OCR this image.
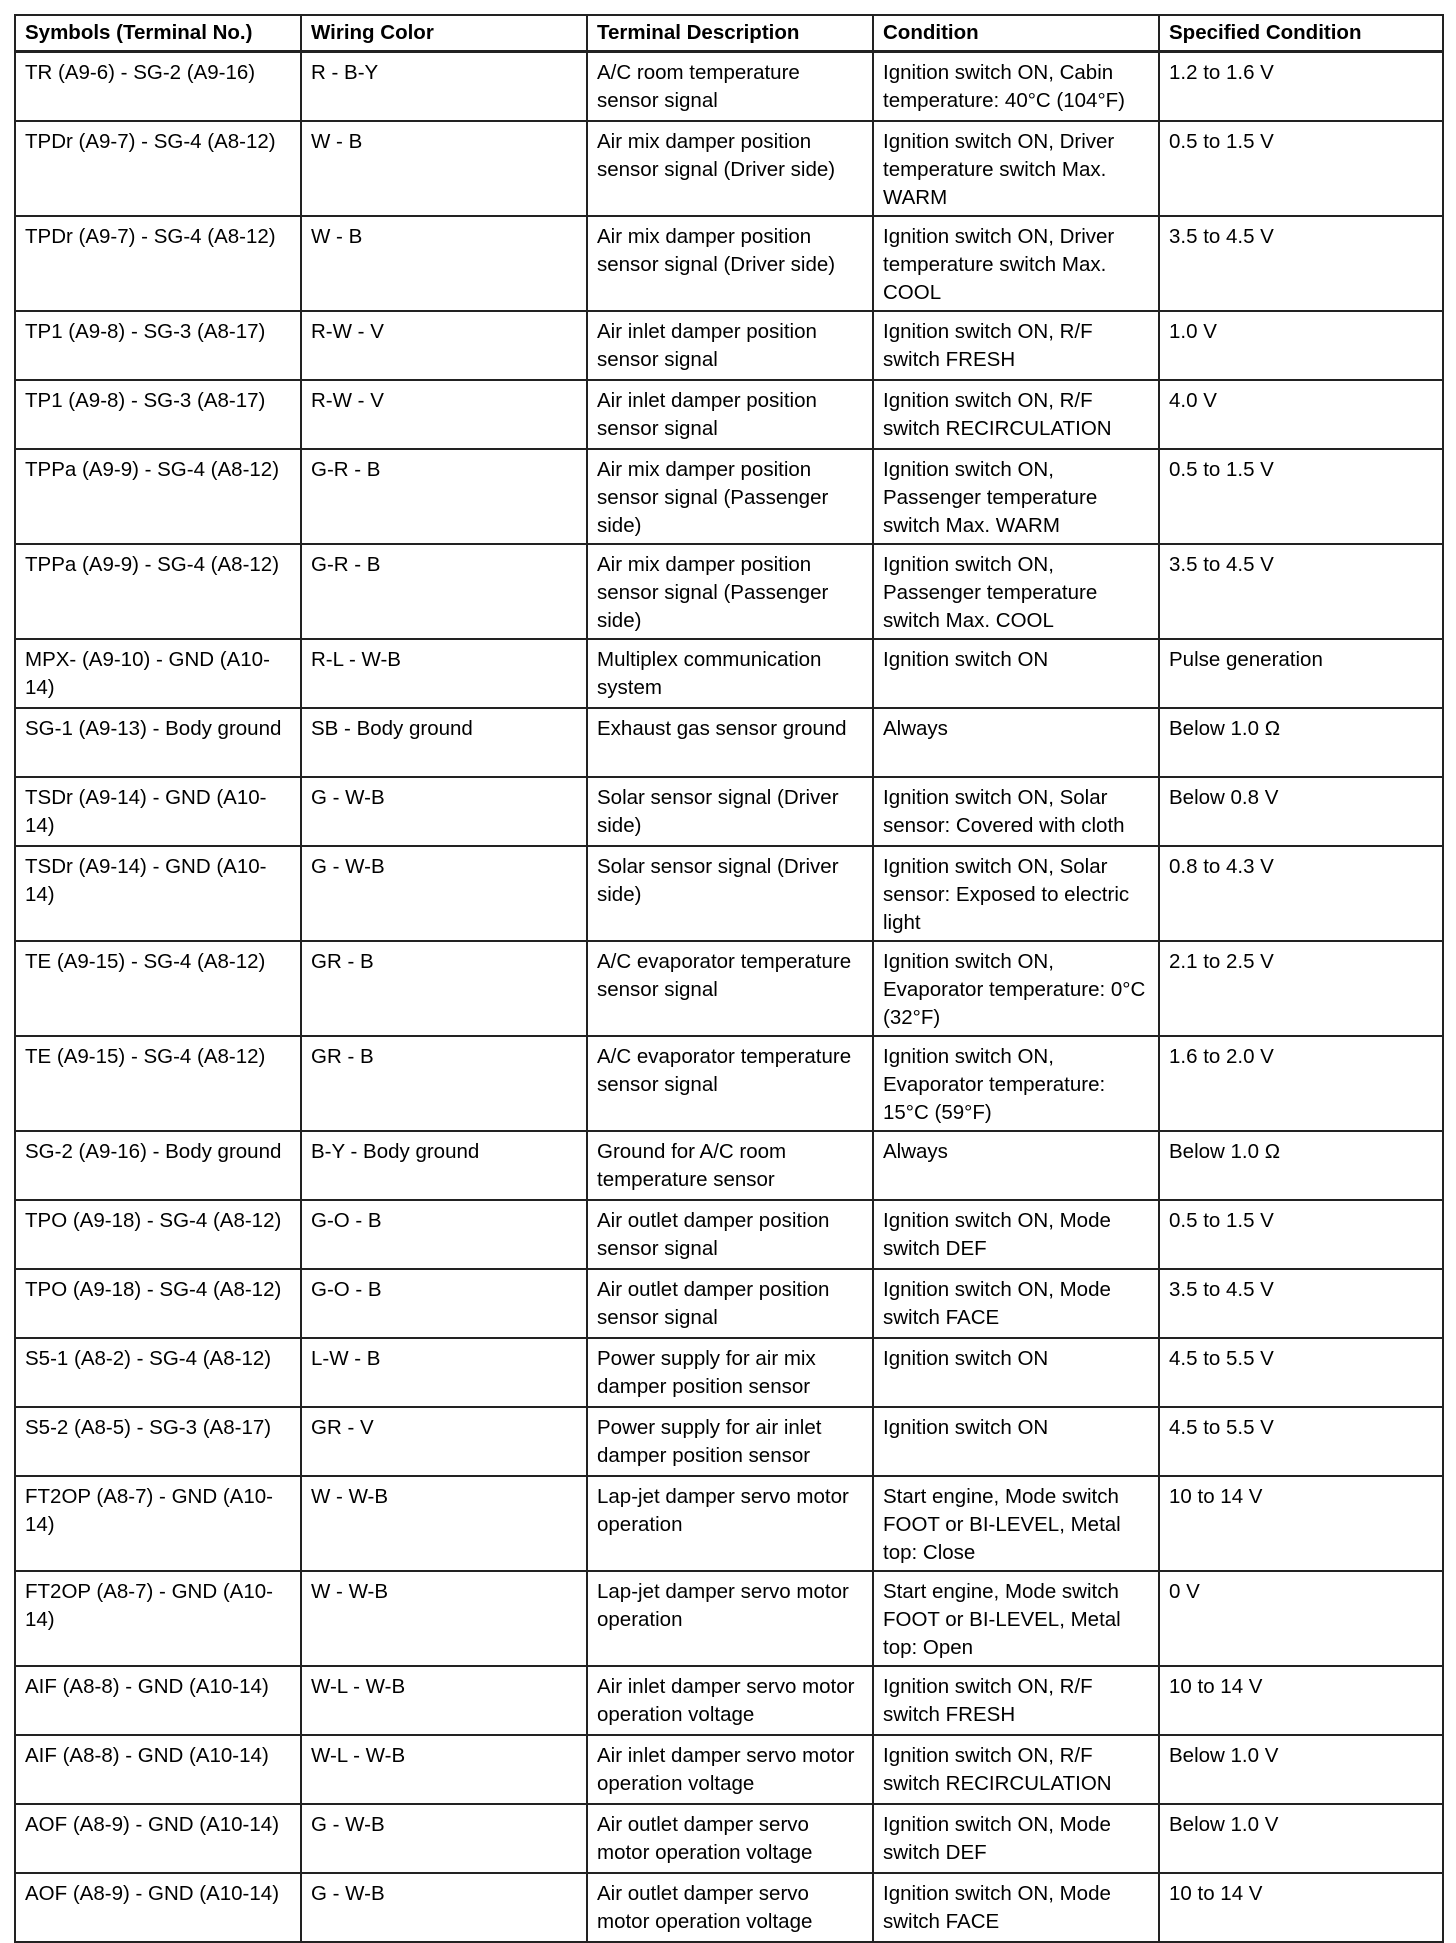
Symbols (Terminal No.)	Wiring Color	Terminal Description	Condition	Specified Condition
TR (A9-6) - SG-2 (A9-16)	R - B-Y	A/C room temperature sensor signal	Ignition switch ON, Cabin temperature: 40°C (104°F)	1.2 to 1.6 V
TPDr (A9-7) - SG-4 (A8-12)	W - B	Air mix damper position sensor signal (Driver side)	Ignition switch ON, Driver temperature switch Max. WARM	0.5 to 1.5 V
TPDr (A9-7) - SG-4 (A8-12)	W - B	Air mix damper position sensor signal (Driver side)	Ignition switch ON, Driver temperature switch Max. COOL	3.5 to 4.5 V
TP1 (A9-8) - SG-3 (A8-17)	R-W - V	Air inlet damper position sensor signal	Ignition switch ON, R/F switch FRESH	1.0 V
TP1 (A9-8) - SG-3 (A8-17)	R-W - V	Air inlet damper position sensor signal	Ignition switch ON, R/F switch RECIRCULATION	4.0 V
TPPa (A9-9) - SG-4 (A8-12)	G-R - B	Air mix damper position sensor signal (Passenger side)	Ignition switch ON, Passenger temperature switch Max. WARM	0.5 to 1.5 V
TPPa (A9-9) - SG-4 (A8-12)	G-R - B	Air mix damper position sensor signal (Passenger side)	Ignition switch ON, Passenger temperature switch Max. COOL	3.5 to 4.5 V
MPX- (A9-10) - GND (A10-14)	R-L - W-B	Multiplex communication system	Ignition switch ON	Pulse generation
SG-1 (A9-13) - Body ground	SB - Body ground	Exhaust gas sensor ground	Always	Below 1.0 Ω
TSDr (A9-14) - GND (A10-14)	G - W-B	Solar sensor signal (Driver side)	Ignition switch ON, Solar sensor: Covered with cloth	Below 0.8 V
TSDr (A9-14) - GND (A10-14)	G - W-B	Solar sensor signal (Driver side)	Ignition switch ON, Solar sensor: Exposed to electric light	0.8 to 4.3 V
TE (A9-15) - SG-4 (A8-12)	GR - B	A/C evaporator temperature sensor signal	Ignition switch ON, Evaporator temperature: 0°C (32°F)	2.1 to 2.5 V
TE (A9-15) - SG-4 (A8-12)	GR - B	A/C evaporator temperature sensor signal	Ignition switch ON, Evaporator temperature: 15°C (59°F)	1.6 to 2.0 V
SG-2 (A9-16) - Body ground	B-Y - Body ground	Ground for A/C room temperature sensor	Always	Below 1.0 Ω
TPO (A9-18) - SG-4 (A8-12)	G-O - B	Air outlet damper position sensor signal	Ignition switch ON, Mode switch DEF	0.5 to 1.5 V
TPO (A9-18) - SG-4 (A8-12)	G-O - B	Air outlet damper position sensor signal	Ignition switch ON, Mode switch FACE	3.5 to 4.5 V
S5-1 (A8-2) - SG-4 (A8-12)	L-W - B	Power supply for air mix damper position sensor	Ignition switch ON	4.5 to 5.5 V
S5-2 (A8-5) - SG-3 (A8-17)	GR - V	Power supply for air inlet damper position sensor	Ignition switch ON	4.5 to 5.5 V
FT2OP (A8-7) - GND (A10-14)	W - W-B	Lap-jet damper servo motor operation	Start engine, Mode switch FOOT or BI-LEVEL, Metal top: Close	10 to 14 V
FT2OP (A8-7) - GND (A10-14)	W - W-B	Lap-jet damper servo motor operation	Start engine, Mode switch FOOT or BI-LEVEL, Metal top: Open	0 V
AIF (A8-8) - GND (A10-14)	W-L - W-B	Air inlet damper servo motor operation voltage	Ignition switch ON, R/F switch FRESH	10 to 14 V
AIF (A8-8) - GND (A10-14)	W-L - W-B	Air inlet damper servo motor operation voltage	Ignition switch ON, R/F switch RECIRCULATION	Below 1.0 V
AOF (A8-9) - GND (A10-14)	G - W-B	Air outlet damper servo motor operation voltage	Ignition switch ON, Mode switch DEF	Below 1.0 V
AOF (A8-9) - GND (A10-14)	G - W-B	Air outlet damper servo motor operation voltage	Ignition switch ON, Mode switch FACE	10 to 14 V
